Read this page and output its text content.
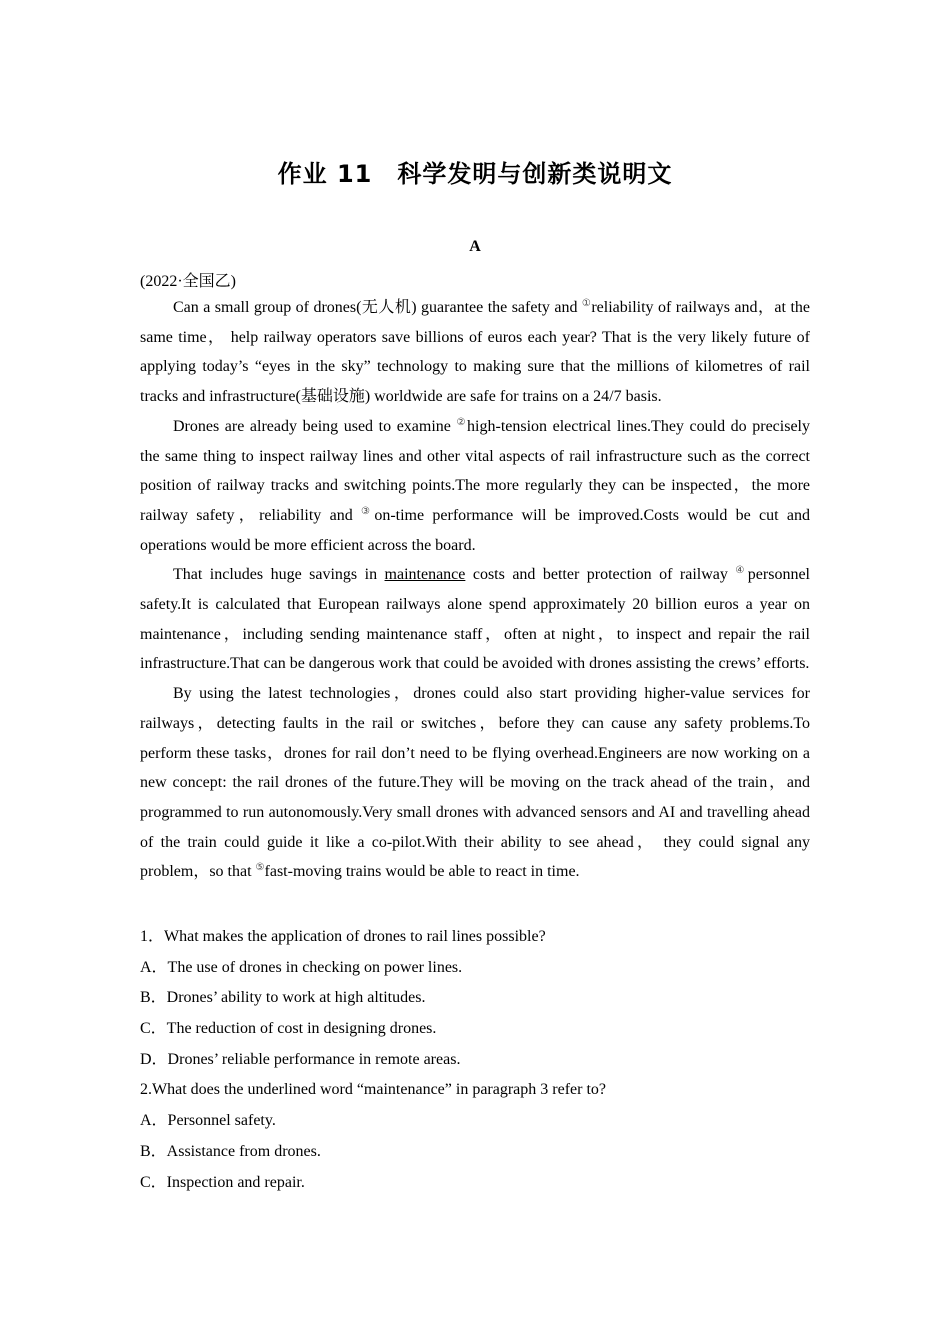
作业 11　科学发明与创新类说明文
A
(2022·全国乙)

Can a small group of drones(无人机) guarantee the safety and ①reliability of railways and，at the same time， help railway operators save billions of euros each year? That is the very likely future of applying today’s “eyes in the sky” technology to making sure that the millions of kilometres of rail tracks and infrastructure(基础设施) worldwide are safe for trains on a 24/7 basis.

Drones are already being used to examine ②high-tension electrical lines.They could do precisely the same thing to inspect railway lines and other vital aspects of rail infrastructure such as the correct position of railway tracks and switching points.The more regularly they can be inspected，the more railway safety，reliability and ③on-time performance will be improved.Costs would be cut and operations would be more efficient across the board.

That includes huge savings in maintenance costs and better protection of railway ④personnel safety.It is calculated that European railways alone spend approximately 20 billion euros a year on maintenance，including sending maintenance staff，often at night，to inspect and repair the rail infrastructure.That can be dangerous work that could be avoided with drones assisting the crews’ efforts.

By using the latest technologies，drones could also start providing higher-value services for railways，detecting faults in the rail or switches，before they can cause any safety problems.To perform these tasks，drones for rail don’t need to be flying overhead.Engineers are now working on a new concept: the rail drones of the future.They will be moving on the track ahead of the train，and programmed to run autonomously.Very small drones with advanced sensors and AI and travelling ahead of the train could guide it like a co-pilot.With their ability to see ahead， they could signal any problem，so that ⑤fast-moving trains would be able to react in time.

1．What makes the application of drones to rail lines possible?
A．The use of drones in checking on power lines.
B．Drones’ ability to work at high altitudes.
C．The reduction of cost in designing drones.
D．Drones’ reliable performance in remote areas.
2.What does the underlined word “maintenance” in paragraph 3 refer to?
A．Personnel safety.
B．Assistance from drones.
C．Inspection and repair.
